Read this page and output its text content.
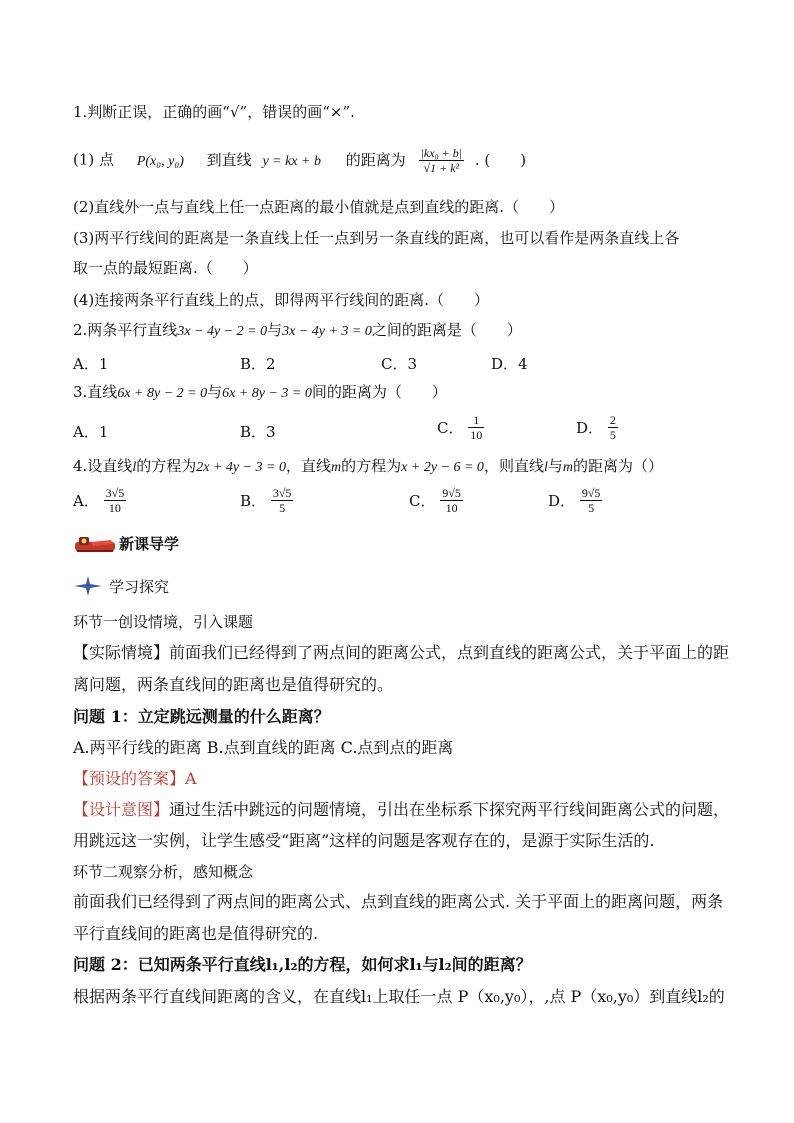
1.判断正误，正确的画“√”，错误的画“×”.
(1) 点 P(x₀, y₀) 到直线 y = kx + b 的距离为 $\frac{\text{|kx₀ + b|}}{\text{√1 + k²}}$ . (　　)
(2)直线外一点与直线上任一点距离的最小值就是点到直线的距离.（　　）
(3)两平行线间的距离是一条直线上任一点到另一条直线的距离，也可以看作是两条直线上各
取一点的最短距离.（　　）
(4)连接两条平行直线上的点，即得两平行线间的距离.（　　）
2.两条平行直线3x − 4y − 2 = 0与3x − 4y + 3 = 0之间的距离是（　　）
A．1	B．2	C．3	D．4
3.直线6x + 8y − 2 = 0与6x + 8y − 3 = 0间的距离为（　　）
A．1	B．3	C． $\frac{1}{10}$	D． $\frac{2}{5}$
4.设直线l的方程为2x + 4y − 3 = 0，直线m的方程为x + 2y − 6 = 0，则直线l与m的距离为（）
A． $\frac{3√5}{10}$	B． $\frac{3√5}{5}$	C． $\frac{9√5}{10}$	D． $\frac{9√5}{5}$
新课导学
学习探究
环节一创设情境，引入课题
【实际情境】前面我们已经得到了两点间的距离公式，点到直线的距离公式，关于平面上的距
离问题，两条直线间的距离也是值得研究的。
问题 1：立定跳远测量的什么距离？
A.两平行线的距离 B.点到直线的距离 C.点到点的距离
【预设的答案】A
【设计意图】通过生活中跳远的问题情境，引出在坐标系下探究两平行线间距离公式的问题，
用跳远这一实例，让学生感受“距离”这样的问题是客观存在的，是源于实际生活的.
环节二观察分析，感知概念
前面我们已经得到了两点间的距离公式、点到直线的距离公式. 关于平面上的距离问题，两条
平行直线间的距离也是值得研究的.
问题 2：已知两条平行直线l₁,l₂的方程，如何求l₁与l₂间的距离？
根据两条平行直线间距离的含义，在直线l₁上取任一点 P（x₀,y₀），,点 P（x₀,y₀）到直线l₂的
